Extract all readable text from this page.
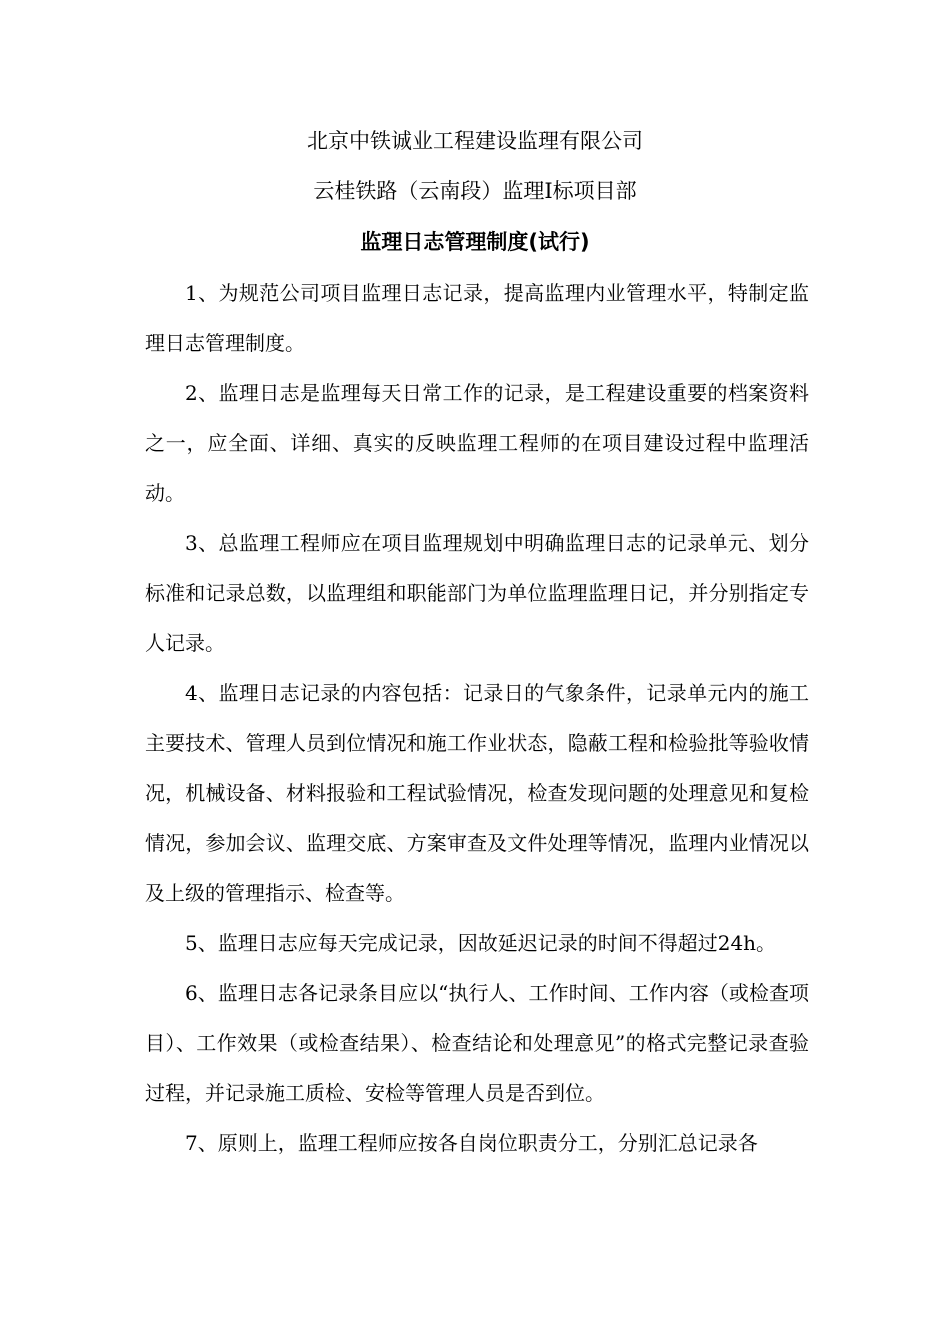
北京中铁诚业工程建设监理有限公司
云桂铁路（云南段）监理I标项目部
监理日志管理制度(试行)

1、为规范公司项目监理日志记录，提高监理内业管理水平，特制定监理日志管理制度。

2、监理日志是监理每天日常工作的记录，是工程建设重要的档案资料之一，应全面、详细、真实的反映监理工程师的在项目建设过程中监理活动。

3、总监理工程师应在项目监理规划中明确监理日志的记录单元、划分标准和记录总数，以监理组和职能部门为单位监理监理日记，并分别指定专人记录。

4、监理日志记录的内容包括：记录日的气象条件，记录单元内的施工主要技术、管理人员到位情况和施工作业状态，隐蔽工程和检验批等验收情况，机械设备、材料报验和工程试验情况，检查发现问题的处理意见和复检情况，参加会议、监理交底、方案审查及文件处理等情况，监理内业情况以及上级的管理指示、检查等。

5、监理日志应每天完成记录，因故延迟记录的时间不得超过24h。

6、监理日志各记录条目应以“执行人、工作时间、工作内容（或检查项目）、工作效果（或检查结果）、检查结论和处理意见”的格式完整记录查验过程，并记录施工质检、安检等管理人员是否到位。

7、原则上，监理工程师应按各自岗位职责分工，分别汇总记录各
